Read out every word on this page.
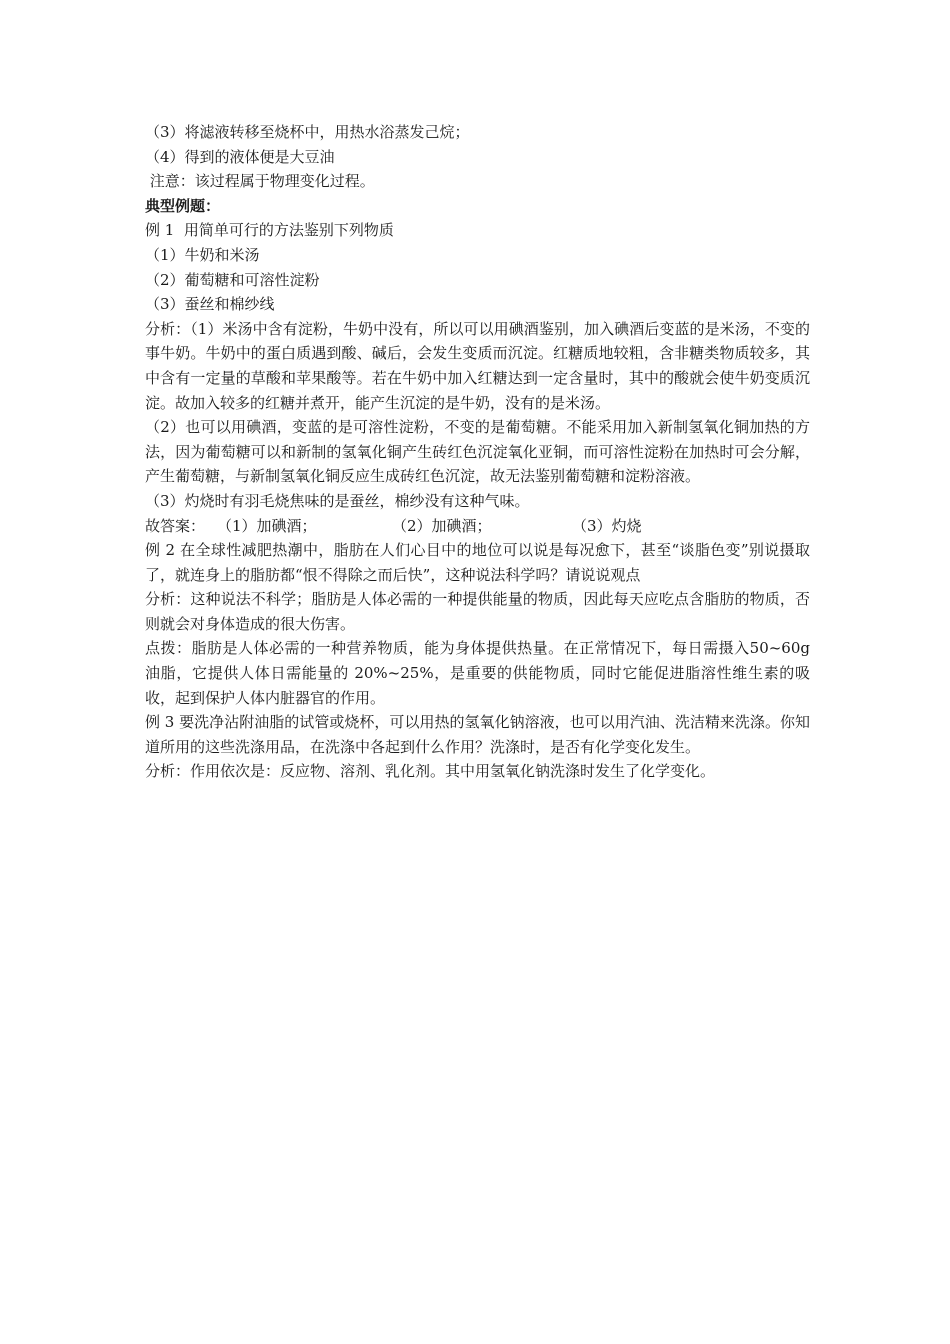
（3）将滤液转移至烧杯中，用热水浴蒸发己烷；
（4）得到的液体便是大豆油
注意：该过程属于物理变化过程。
典型例题：
例 1  用简单可行的方法鉴别下列物质
（1）牛奶和米汤
（2）葡萄糖和可溶性淀粉
（3）蚕丝和棉纱线
分析：（1）米汤中含有淀粉，牛奶中没有，所以可以用碘酒鉴别，加入碘酒后变蓝的是米汤，不变的事牛奶。牛奶中的蛋白质遇到酸、碱后，会发生变质而沉淀。红糖质地较粗，含非糖类物质较多，其中含有一定量的草酸和苹果酸等。若在牛奶中加入红糖达到一定含量时，其中的酸就会使牛奶变质沉淀。故加入较多的红糖并煮开，能产生沉淀的是牛奶，没有的是米汤。
（2）也可以用碘酒，变蓝的是可溶性淀粉，不变的是葡萄糖。不能采用加入新制氢氧化铜加热的方法，因为葡萄糖可以和新制的氢氧化铜产生砖红色沉淀氧化亚铜，而可溶性淀粉在加热时可会分解，产生葡萄糖，与新制氢氧化铜反应生成砖红色沉淀，故无法鉴别葡萄糖和淀粉溶液。
（3）灼烧时有羽毛烧焦味的是蚕丝，棉纱没有这种气味。
故答案： （1）加碘酒；	（2）加碘酒；	（3）灼烧
例 2 在全球性减肥热潮中，脂肪在人们心目中的地位可以说是每况愈下，甚至“谈脂色变”别说摄取了，就连身上的脂肪都“恨不得除之而后快”，这种说法科学吗？请说说观点
分析：这种说法不科学；脂肪是人体必需的一种提供能量的物质，因此每天应吃点含脂肪的物质，否则就会对身体造成的很大伤害。
点拨：脂肪是人体必需的一种营养物质，能为身体提供热量。在正常情况下，每日需摄入50~60g 油脂，它提供人体日需能量的 20%~25%，是重要的供能物质，同时它能促进脂溶性维生素的吸收，起到保护人体内脏器官的作用。
例 3 要洗净沾附油脂的试管或烧杯，可以用热的氢氧化钠溶液，也可以用汽油、洗洁精来洗涤。你知道所用的这些洗涤用品，在洗涤中各起到什么作用？洗涤时，是否有化学变化发生。
分析：作用依次是：反应物、溶剂、乳化剂。其中用氢氧化钠洗涤时发生了化学变化。
